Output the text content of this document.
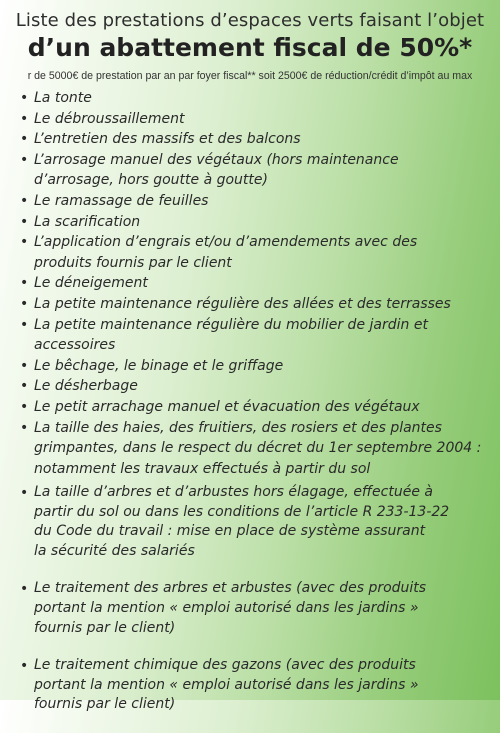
Liste des prestations d’espaces verts faisant l’objet
d’un abattement fiscal de 50%*
r de 5000€ de prestation par an par foyer fiscal** soit 2500€ de réduction/crédit d’impôt au max
• La tonte
• Le débroussaillement
• L’entretien des massifs et des balcons
• L’arrosage manuel des végétaux (hors maintenance
d’arrosage, hors goutte à goutte)
• Le ramassage de feuilles
• La scarification
• L’application d’engrais et/ou d’amendements avec des
produits fournis par le client
• Le déneigement
• La petite maintenance régulière des allées et des terrasses
• La petite maintenance régulière du mobilier de jardin et
accessoires
• Le bêchage, le binage et le griffage
• Le désherbage
• Le petit arrachage manuel et évacuation des végétaux
• La taille des haies, des fruitiers, des rosiers et des plantes
grimpantes, dans le respect du décret du 1er septembre 2004 :
notamment les travaux effectués à partir du sol
• La taille d’arbres et d’arbustes hors élagage, effectuée à
partir du sol ou dans les conditions de l’article R 233-13-22
du Code du travail : mise en place de système assurant
la sécurité des salariés
• Le traitement des arbres et arbustes (avec des produits
portant la mention « emploi autorisé dans les jardins »
fournis par le client)
• Le traitement chimique des gazons (avec des produits
portant la mention « emploi autorisé dans les jardins »
fournis par le client)
